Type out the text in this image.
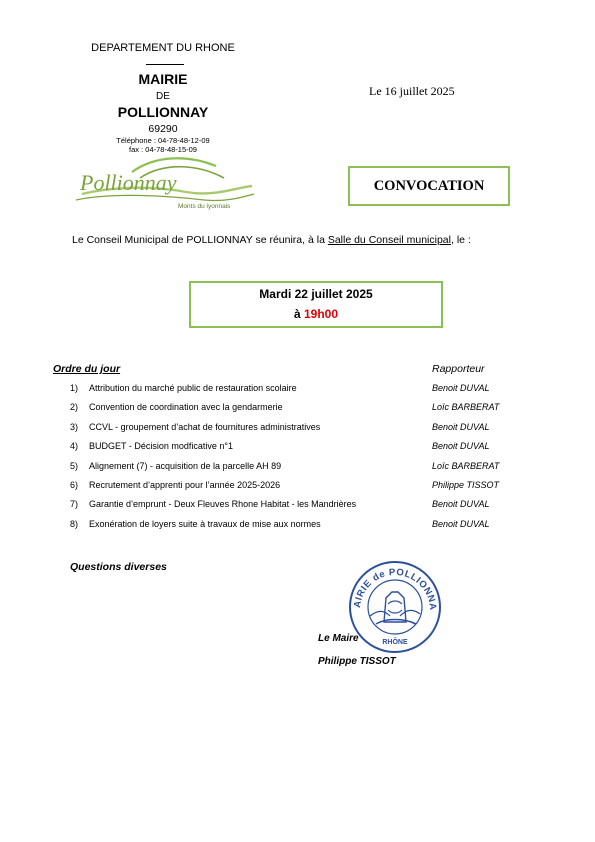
DEPARTEMENT DU RHONE
MAIRIE
DE
POLLIONNAY
69290
Téléphone : 04-78-48-12-09
fax : 04-78-48-15-09
Le 16 juillet 2025
Pollionnay
Monts du lyonnais
CONVOCATION
Le Conseil Municipal de POLLIONNAY se réunira, à la Salle du Conseil municipal, le :
Mardi 22 juillet 2025
à 19h00
Ordre du jour	Rapporteur
1) Attribution du marché public de restauration scolaire	Benoit DUVAL
2) Convention de coordination avec la gendarmerie	Loïc BARBERAT
3) CCVL - groupement d’achat de fournitures administratives	Benoit DUVAL
4) BUDGET - Décision modficative n°1	Benoit DUVAL
5) Alignement (7) - acquisition de la parcelle AH 89	Loïc BARBERAT
6) Recrutement d’apprenti pour l’année 2025-2026	Philippe TISSOT
7) Garantie d’emprunt - Deux Fleuves Rhone Habitat - les Mandrières	Benoit DUVAL
8) Exonération de loyers suite à travaux de mise aux normes	Benoit DUVAL
Questions diverses
AIRIE de POLLIONNA
RHÔNE
Le Maire
Philippe TISSOT
